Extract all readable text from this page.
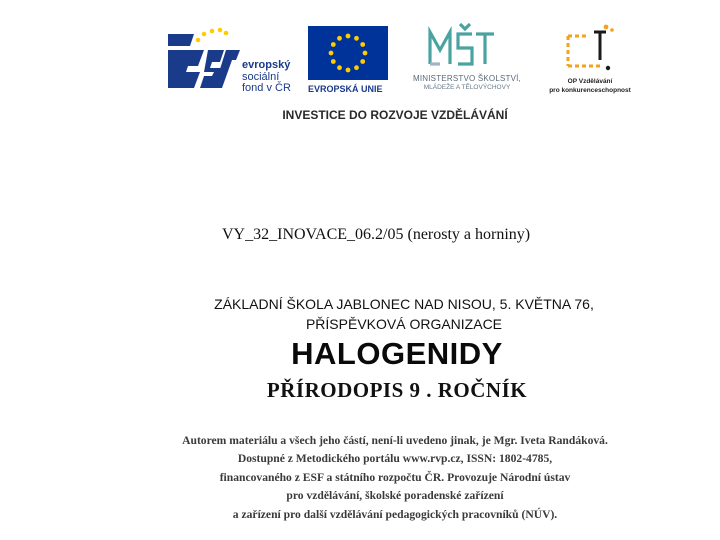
evropský
sociální
fond v ČR EVROPSKÁ UNIE
MINISTERSTVO ŠKOLSTVÍ,
MLÁDEŽE A TĚLOVÝCHOVY
OP Vzdělávání
pro konkurenceschopnost
INVESTICE DO ROZVOJE VZDĚLÁVÁNÍ
VY_32_INOVACE_06.2/05 (nerosty a horniny)
ZÁKLADNÍ ŠKOLA JABLONEC NAD NISOU, 5. KVĚTNA 76,
PŘÍSPĚVKOVÁ ORGANIZACE
HALOGENIDY
PŘÍRODOPIS 9 . ROČNÍK
Autorem materiálu a všech jeho částí, není-li uvedeno jinak, je Mgr. Iveta Randáková.
Dostupné z Metodického portálu www.rvp.cz, ISSN: 1802-4785,
financovaného z ESF a státního rozpočtu ČR. Provozuje Národní ústav
pro vzdělávání, školské poradenské zařízení
a zařízení pro další vzdělávání pedagogických pracovníků (NÚV).
